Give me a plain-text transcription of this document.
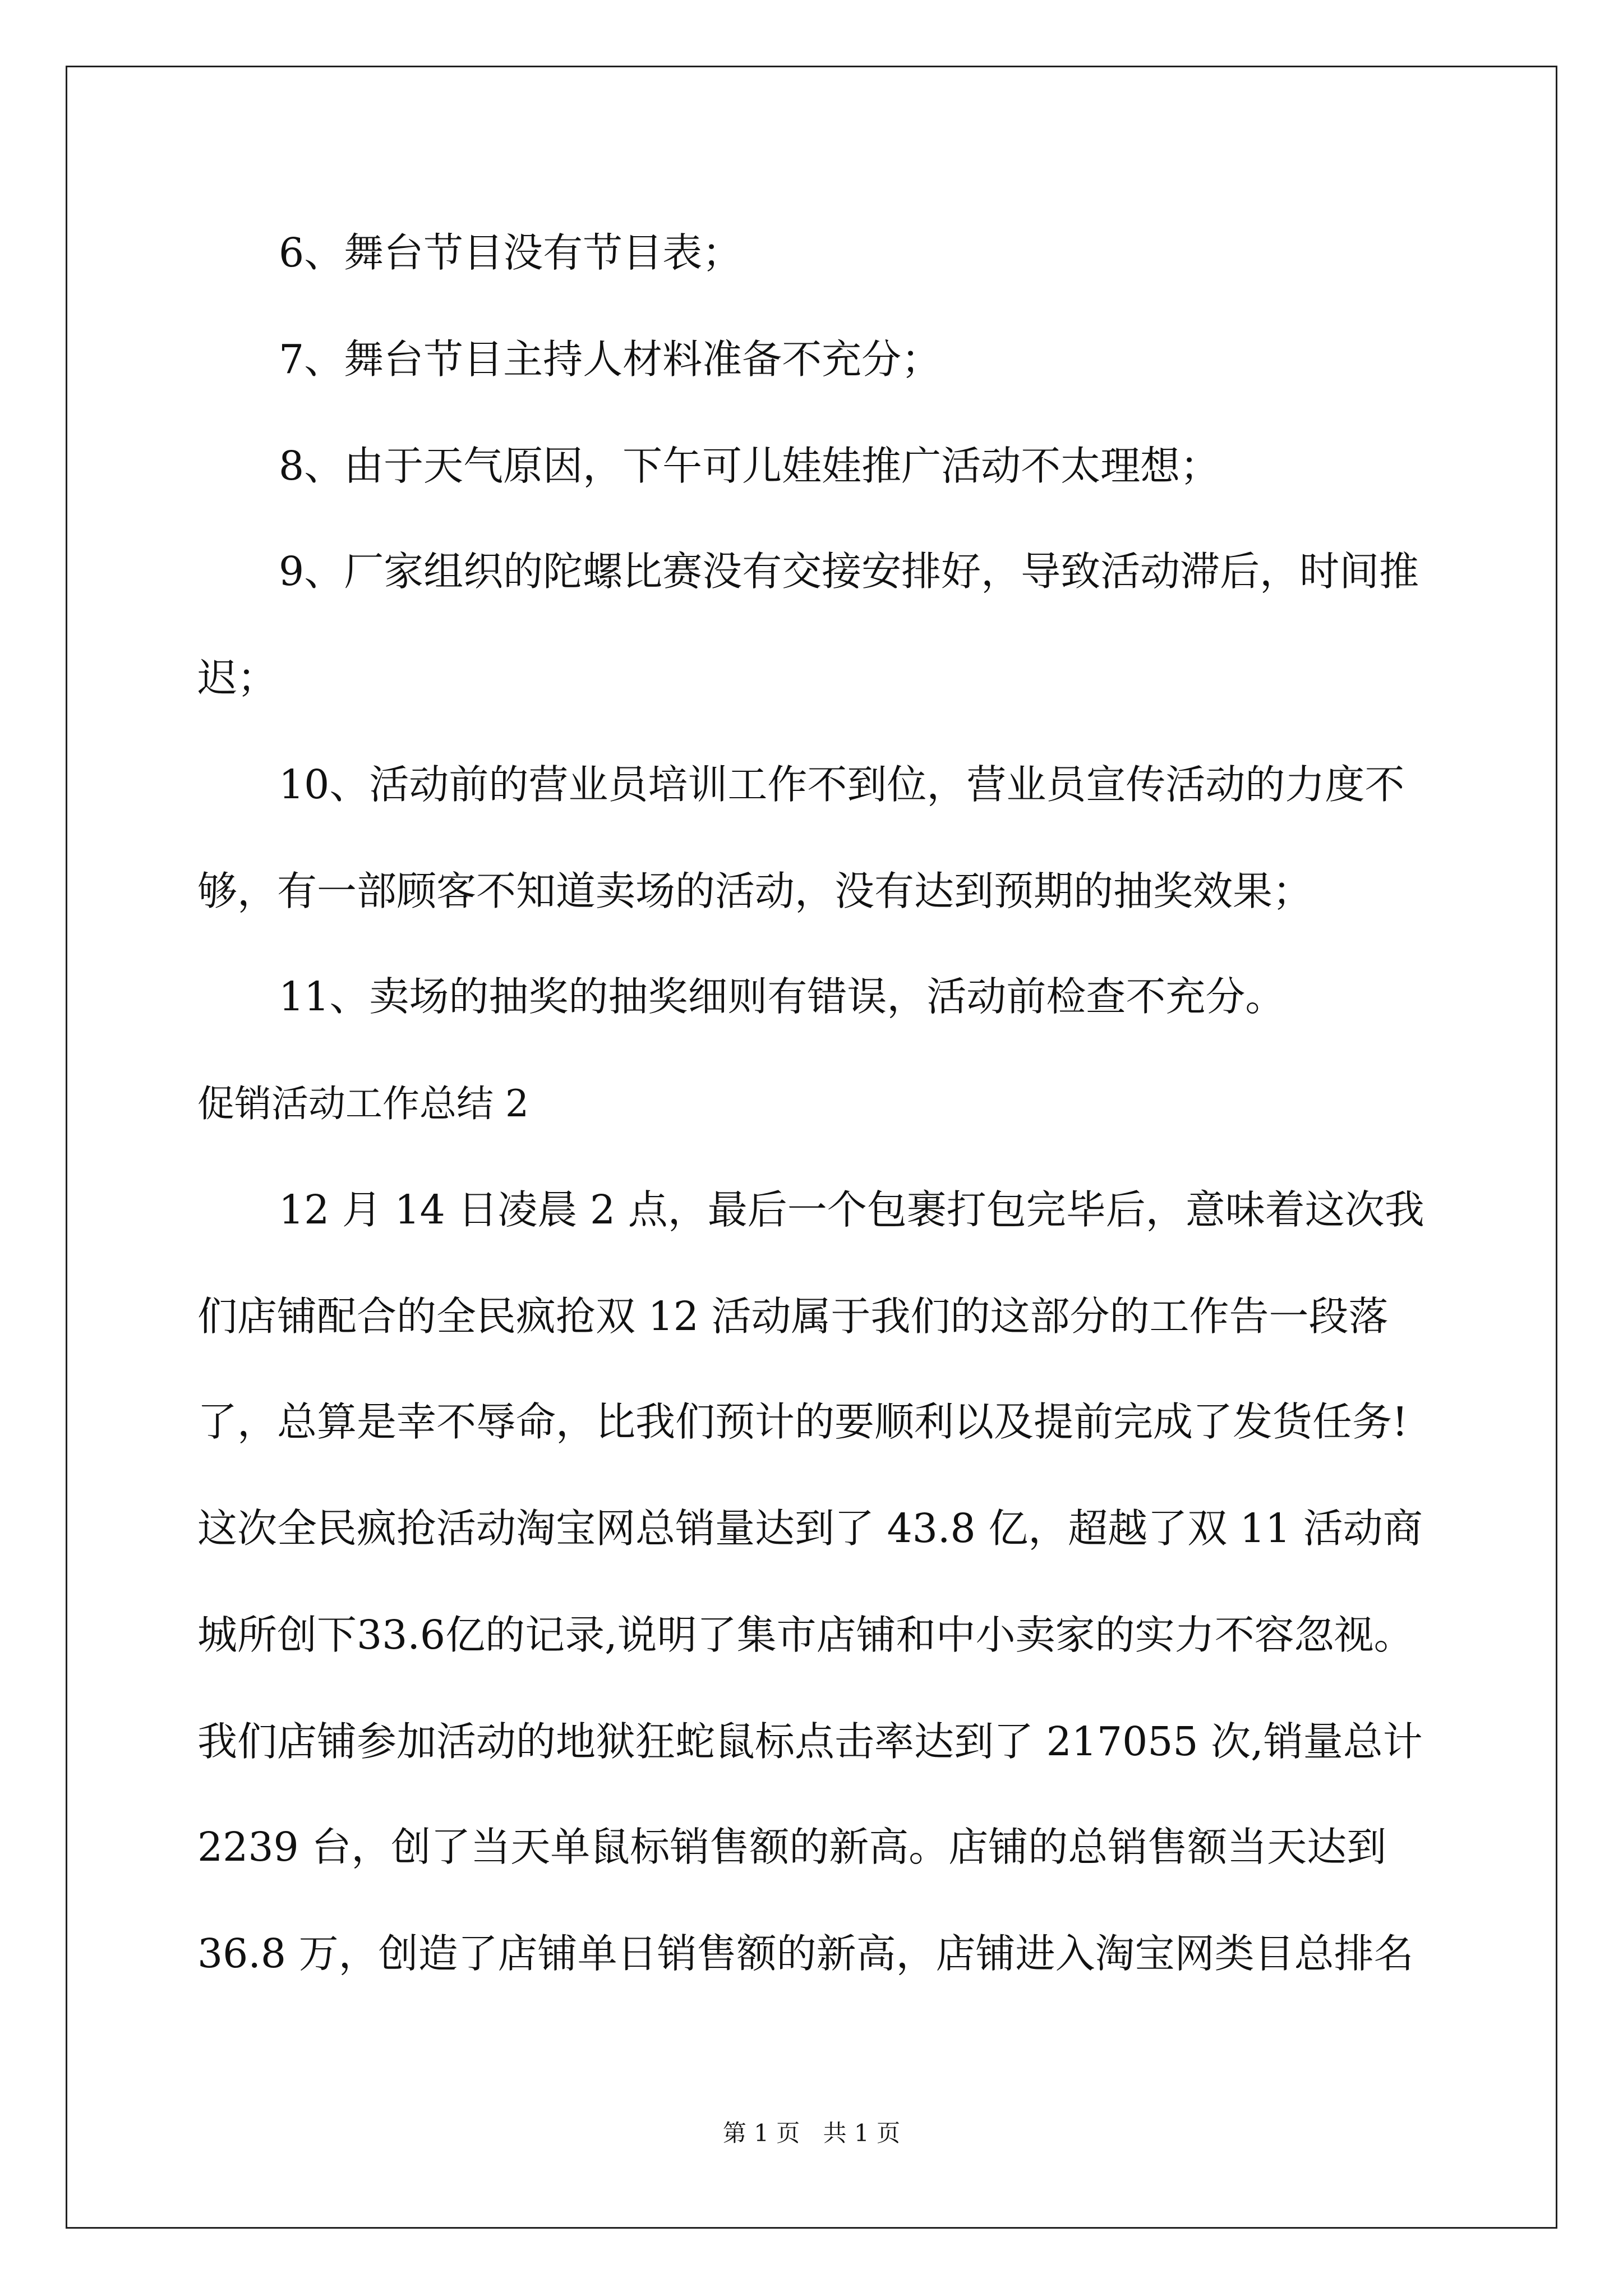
6、舞台节目没有节目表；
7、舞台节目主持人材料准备不充分；
8、由于天气原因，下午可儿娃娃推广活动不太理想；
9、厂家组织的陀螺比赛没有交接安排好，导致活动滞后，时间推
迟；
10、活动前的营业员培训工作不到位，营业员宣传活动的力度不
够，有一部顾客不知道卖场的活动，没有达到预期的抽奖效果；
11、卖场的抽奖的抽奖细则有错误，活动前检查不充分。
促销活动工作总结 2
12 月 14 日凌晨 2 点，最后一个包裹打包完毕后，意味着这次我
们店铺配合的全民疯抢双 12 活动属于我们的这部分的工作告一段落
了，总算是幸不辱命，比我们预计的要顺利以及提前完成了发货任务!
这次全民疯抢活动淘宝网总销量达到了 43.8 亿，超越了双 11 活动商
城所创下33.6亿的记录,说明了集市店铺和中小卖家的实力不容忽视。
我们店铺参加活动的地狱狂蛇鼠标点击率达到了 217055 次,销量总计
2239 台，创了当天单鼠标销售额的新高。店铺的总销售额当天达到
36.8 万，创造了店铺单日销售额的新高，店铺进入淘宝网类目总排名
第 1 页 共 1 页
